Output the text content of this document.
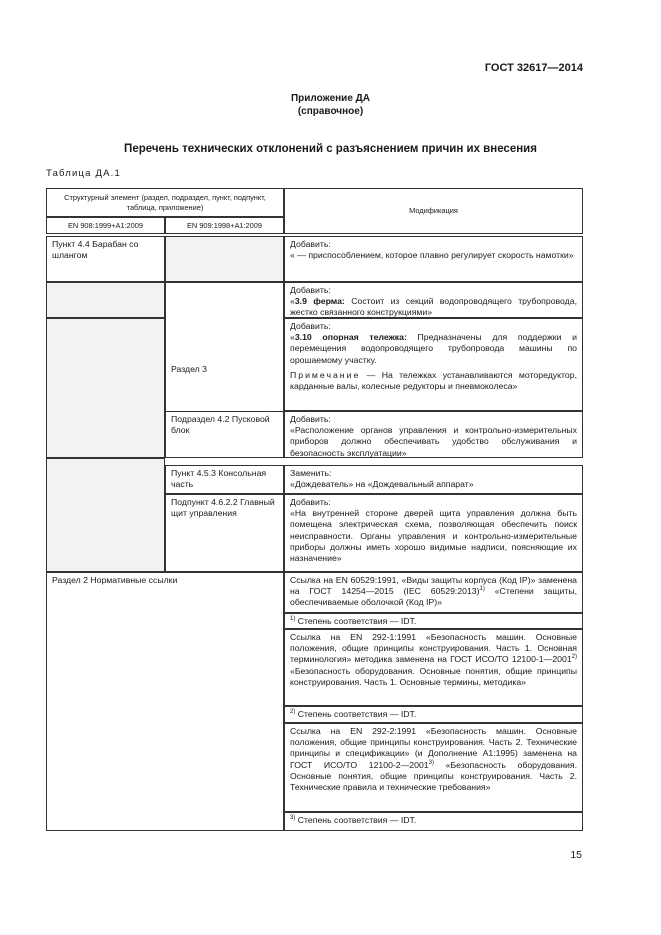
ГОСТ 32617—2014
Приложение ДА
(справочное)
Перечень технических отклонений с разъяснением причин их внесения
Таблица ДА.1
Структурный элемент (раздел, подраздел, пункт, подпункт, таблица, приложение)
EN 908:1999+A1:2009	EN 909:1998+A1:2009
Модификация
Пункт 4.4 Барабан со шлангом
Добавить:
« — приспособлением, которое плавно регулирует скорость намотки»
Раздел 3
Добавить:
«3.9 ферма: Состоит из секций водопроводящего трубопровода, жестко связанного конструкциями»
Добавить:
«3.10 опорная тележка: Предназначены для поддержки и перемещения водопроводящего трубопровода машины по орошаемому участку.
Примечание — На тележках устанавливаются моторедуктор, карданные валы, колесные редукторы и пневмоколеса»
Подраздел 4.2 Пусковой блок
Добавить:
«Расположение органов управления и контрольно-измерительных приборов должно обеспечивать удобство обслуживания и безопасность эксплуатации»
Пункт 4.5.3 Консольная часть
Заменить:
«Дождеватель» на «Дождевальный аппарат»
Подпункт 4.6.2.2 Главный щит управления
Добавить:
«На внутренней стороне дверей щита управления должна быть помещена электрическая схема, позволяющая обеспечить поиск неисправности. Органы управления и контрольно-измерительные приборы должны иметь хорошо видимые надписи, поясняющие их назначение»
Раздел 2 Нормативные ссылки	Ссылка на EN 60529:1991, «Виды защиты корпуса (Код IP)» заменена на ГОСТ 14254—2015 (IEC 60529:2013)$^{1)}$ «Степени защиты, обеспечиваемые оболочкой (Код IP)»
$^{1)}$ Степень соответствия — IDT.
Ссылка на EN 292-1:1991 «Безопасность машин. Основные положения, общие принципы конструирования. Часть 1. Основная терминология» методика заменена на ГОСТ ИСО/ТО 12100-1—2001$^{2)}$ «Безопасность оборудования. Основные понятия, общие принципы конструирования. Часть 1. Основные термины, методика»
$^{2)}$ Степень соответствия — IDT.
Ссылка на EN 292-2:1991 «Безопасность машин. Основные положения, общие принципы конструирования. Часть 2. Технические принципы и спецификации» (и Дополнение А1:1995) заменена на ГОСТ ИСО/ТО 12100-2—2001$^{3)}$ «Безопасность оборудования. Основные понятия, общие принципы конструирования. Часть 2. Технические правила и технические требования»
$^{3)}$ Степень соответствия — IDT.
15
